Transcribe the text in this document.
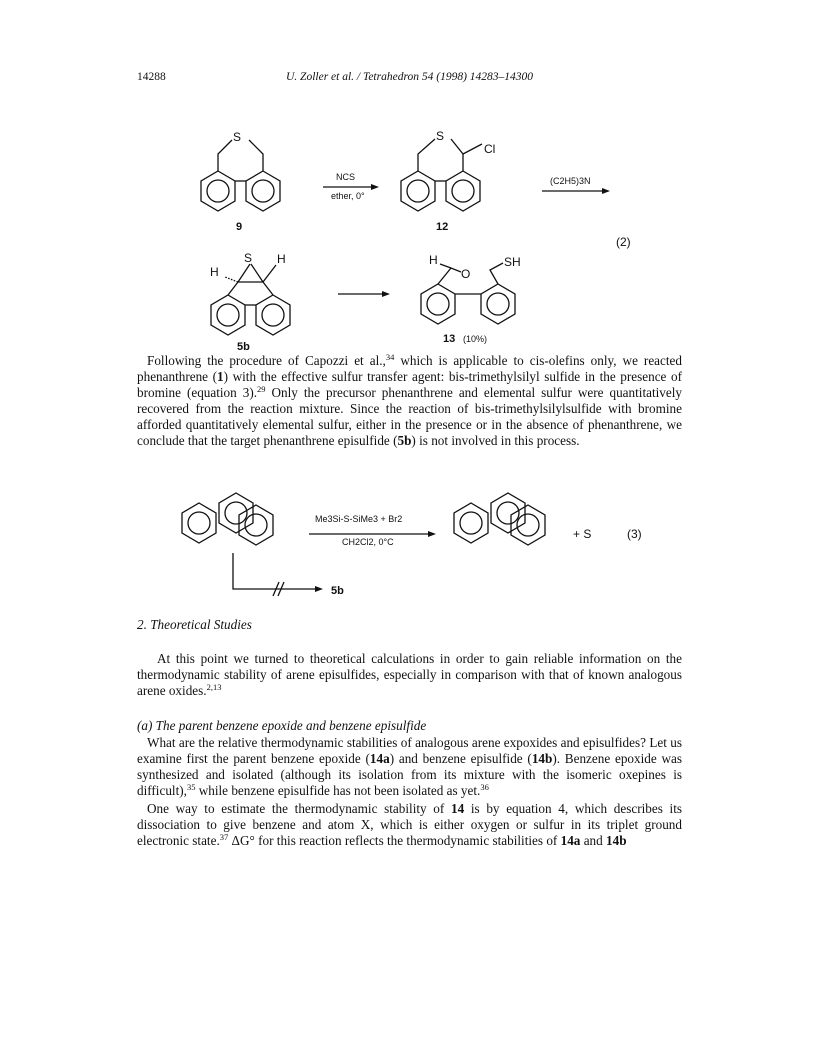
14288	U. Zoller et al. / Tetrahedron 54 (1998) 14283–14300
S	S
Cl
S
H
H	H
O
SH
(2)
NCS
ether, 0°
(C2H5)3N
(10%)
9	12
5b
13

Following the procedure of Capozzi et al.,$^{34}$ which is applicable to cis-olefins only, we reacted phenanthrene (1) with the effective sulfur transfer agent: bis-trimethylsilyl sulfide in the presence of bromine (equation 3).$^{29}$ Only the precursor phenanthrene and elemental sulfur were quantitatively recovered from the reaction mixture. Since the reaction of bis-trimethylsilylsulfide with bromine afforded quantitatively elemental sulfur, either in the presence or in the absence of phenanthrene, we conclude that the target phenanthrene episulfide (5b) is not involved in this process.

Me3Si-S-SiMe3 + Br2
CH2Cl2, 0°C
+ S	(3)
5b

2. Theoretical Studies

At this point we turned to theoretical calculations in order to gain reliable information on the thermodynamic stability of arene episulfides, especially in comparison with that of known analogous arene oxides.$^{2,13}$

(a) The parent benzene epoxide and benzene episulfide

What are the relative thermodynamic stabilities of analogous arene expoxides and episulfides? Let us examine first the parent benzene epoxide (14a) and benzene episulfide (14b). Benzene epoxide was synthesized and isolated (although its isolation from its mixture with the isomeric oxepines is difficult),$^{35}$ while benzene episulfide has not been isolated as yet.$^{36}$

One way to estimate the thermodynamic stability of 14 is by equation 4, which describes its dissociation to give benzene and atom X, which is either oxygen or sulfur in its triplet ground electronic state.$^{37}$ ΔG° for this reaction reflects the thermodynamic stabilities of 14a and 14b
